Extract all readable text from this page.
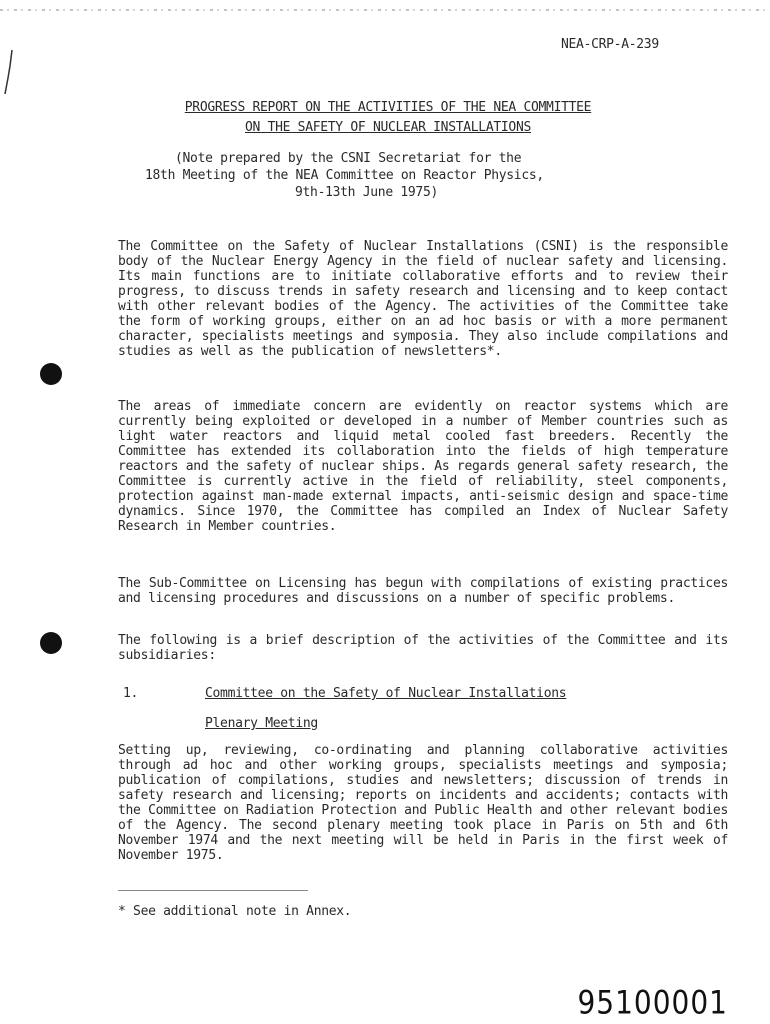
NEA-CRP-A-239
PROGRESS REPORT ON THE ACTIVITIES OF THE NEA COMMITTEE
ON THE SAFETY OF NUCLEAR INSTALLATIONS
(Note prepared by the CSNI Secretariat for the
18th Meeting of the NEA Committee on Reactor Physics,
9th-13th June 1975)
The Committee on the Safety of Nuclear Installations (CSNI) is the responsible body of the Nuclear Energy Agency in the field of nuclear safety and licensing. Its main functions are to initiate collaborative efforts and to review their progress, to discuss trends in safety research and licensing and to keep contact with other relevant bodies of the Agency. The activities of the Committee take the form of working groups, either on an ad hoc basis or with a more permanent character, specialists meetings and symposia. They also include compilations and studies as well as the publication of newsletters*.
The areas of immediate concern are evidently on reactor systems which are currently being exploited or developed in a number of Member countries such as light water reactors and liquid metal cooled fast breeders. Recently the Committee has extended its collaboration into the fields of high temperature reactors and the safety of nuclear ships. As regards general safety research, the Committee is currently active in the field of reliability, steel components, protection against man-made external impacts, anti-seismic design and space-time dynamics. Since 1970, the Committee has compiled an Index of Nuclear Safety Research in Member countries.
The Sub-Committee on Licensing has begun with compilations of existing practices and licensing procedures and discussions on a number of specific problems.
The following is a brief description of the activities of the Committee and its subsidiaries:
1.	Committee on the Safety of Nuclear Installations
Plenary Meeting
Setting up, reviewing, co-ordinating and planning collaborative activities through ad hoc and other working groups, specialists meetings and symposia; publication of compilations, studies and newsletters; discussion of trends in safety research and licensing; reports on incidents and accidents; contacts with the Committee on Radiation Protection and Public Health and other relevant bodies of the Agency. The second plenary meeting took place in Paris on 5th and 6th November 1974 and the next meeting will be held in Paris in the first week of November 1975.
* See additional note in Annex.
95100001
